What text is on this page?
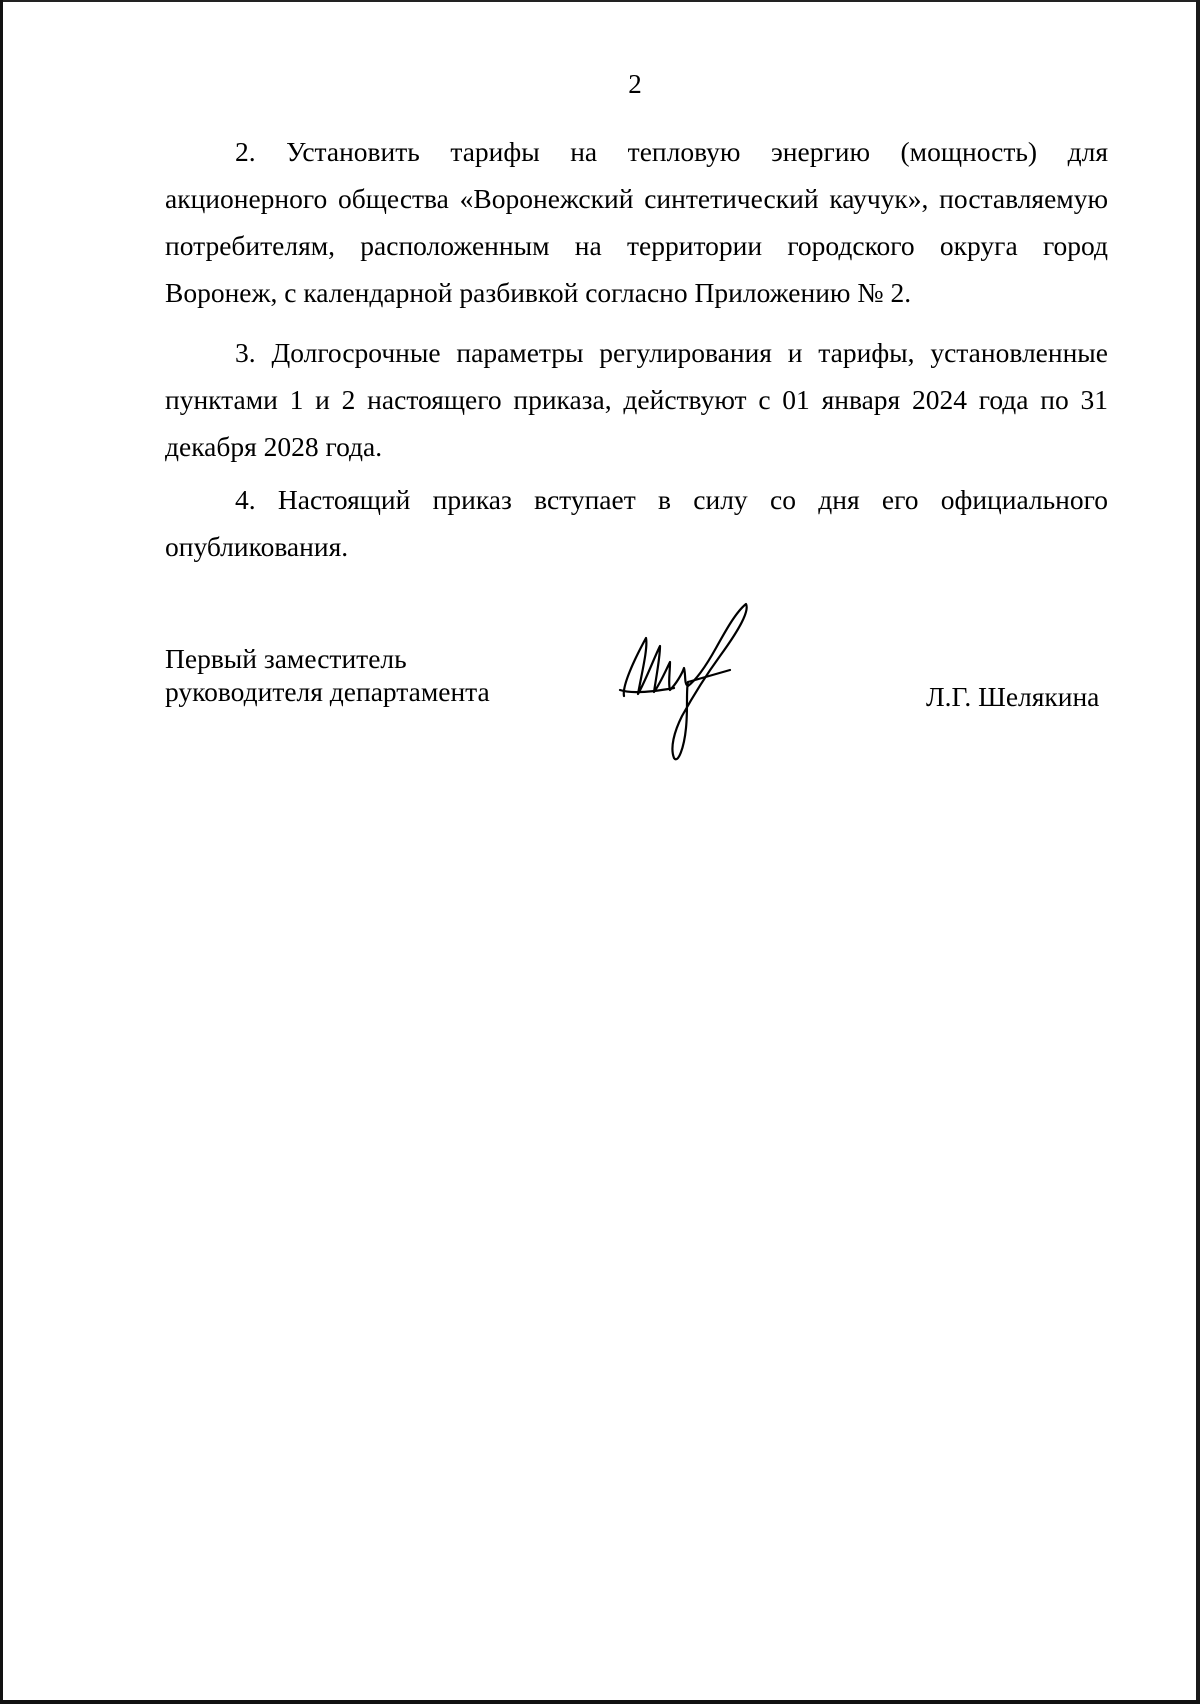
2

2. Установить тарифы на тепловую энергию (мощность) для акционерного общества «Воронежский синтетический каучук», поставляемую потребителям, расположенным на территории городского округа город Воронеж, с календарной разбивкой согласно Приложению № 2.

3. Долгосрочные параметры регулирования и тарифы, установленные пунктами 1 и 2 настоящего приказа, действуют с 01 января 2024 года по 31 декабря 2028 года.

4. Настоящий приказ вступает в силу со дня его официального опубликования.

Первый заместитель
руководителя департамента	Л.Г. Шелякина
